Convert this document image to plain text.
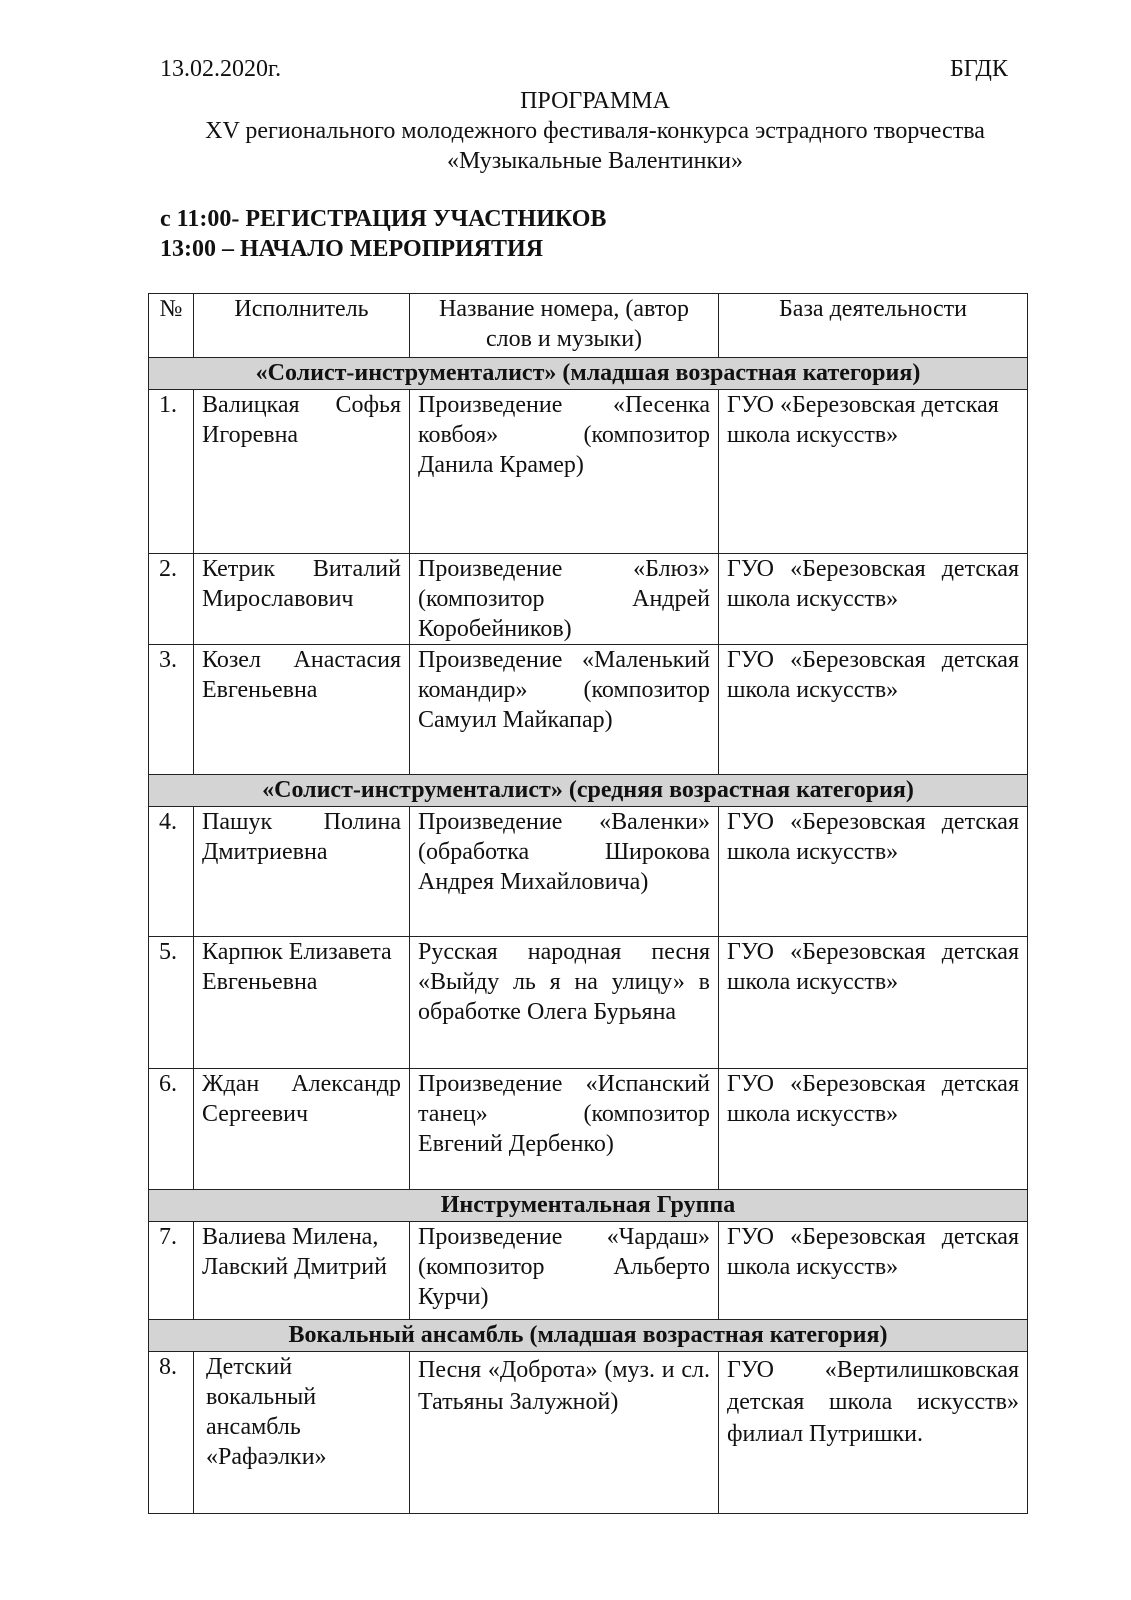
13.02.2020г.	БГДК
ПРОГРАММА
XV регионального молодежного фестиваля-конкурса эстрадного творчества
«Музыкальные Валентинки»
с 11:00- РЕГИСТРАЦИЯ УЧАСТНИКОВ
13:00 – НАЧАЛО МЕРОПРИЯТИЯ
№	Исполнитель	Название номера, (автор слов и музыки)	База деятельности
«Солист-инструменталист» (младшая возрастная категория)			
1.	Валицкая Софья Игоревна	Произведение «Песенка ковбоя» (композитор Данила Крамер)	ГУО «Березовская детская школа искусств»
2.	Кетрик Виталий Мирославович	Произведение «Блюз» (композитор Андрей Коробейников)	ГУО «Березовская детская школа искусств»
3.	Козел Анастасия Евгеньевна	Произведение «Маленький командир» (композитор Самуил Майкапар)	ГУО «Березовская детская школа искусств»
«Солист-инструменталист» (средняя возрастная категория)			
4.	Пашук Полина Дмитриевна	Произведение «Валенки» (обработка Широкова Андрея Михайловича)	ГУО «Березовская детская школа искусств»
5.	Карпюк Елизавета Евгеньевна	Русская народная песня «Выйду ль я на улицу» в обработке Олега Бурьяна	ГУО «Березовская детская школа искусств»
6.	Ждан Александр Сергеевич	Произведение «Испанский танец» (композитор Евгений Дербенко)	ГУО «Березовская детская школа искусств»
Инструментальная Группа			
7.	Валиева Милена, Лавский Дмитрий	Произведение «Чардаш» (композитор Альберто Курчи)	ГУО «Березовская детская школа искусств»
Вокальный ансамбль (младшая возрастная категория)			
8.	Детский вокальный ансамбль «Рафаэлки»	Песня «Доброта» (муз. и сл. Татьяны Залужной)	ГУО «Вертилишковская детская школа искусств» филиал Путришки.
